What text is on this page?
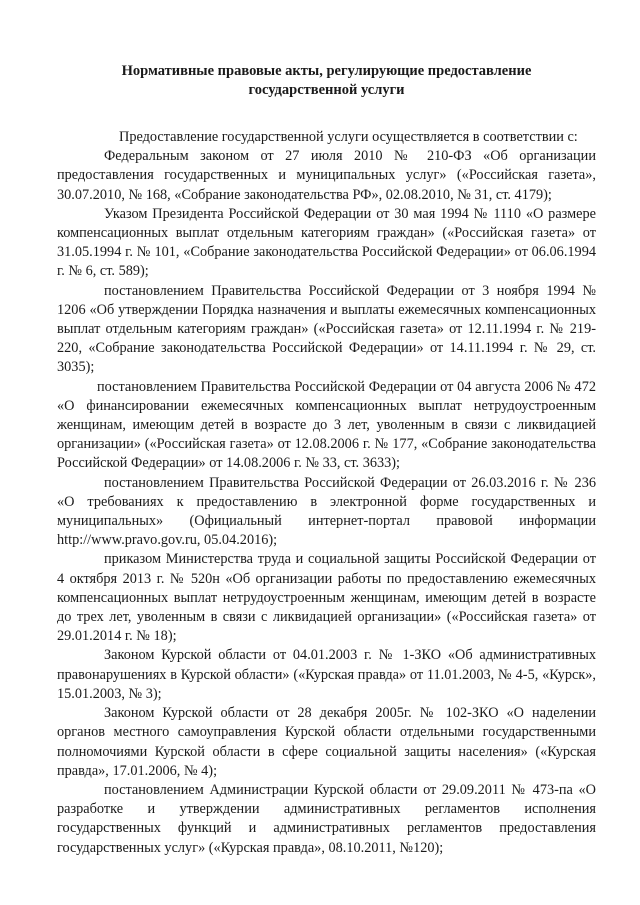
Нормативные правовые акты, регулирующие предоставление государственной услуги

Предоставление государственной услуги осуществляется в соответствии с:

Федеральным законом от 27 июля 2010 № 210-ФЗ «Об организации предоставления государственных и муниципальных услуг» («Российская газета», 30.07.2010, № 168, «Собрание законодательства РФ», 02.08.2010, № 31, ст. 4179);

Указом Президента Российской Федерации от 30 мая 1994 № 1110 «О размере компенсационных выплат отдельным категориям граждан» («Российская газета» от 31.05.1994 г. № 101, «Собрание законодательства Российской Федерации» от 06.06.1994 г. № 6, ст. 589);

постановлением Правительства Российской Федерации от 3 ноября 1994 № 1206 «Об утверждении Порядка назначения и выплаты ежемесячных компенсационных выплат отдельным категориям граждан» («Российская газета» от 12.11.1994 г. № 219-220, «Собрание законодательства Российской Федерации» от 14.11.1994 г. № 29, ст. 3035);

постановлением Правительства Российской Федерации от 04 августа 2006 № 472 «О финансировании ежемесячных компенсационных выплат нетрудоустроенным женщинам, имеющим детей в возрасте до 3 лет, уволенным в связи с ликвидацией организации» («Российская газета» от 12.08.2006 г. № 177, «Собрание законодательства Российской Федерации» от 14.08.2006 г. № 33, ст. 3633);

постановлением Правительства Российской Федерации от 26.03.2016 г. № 236 «О требованиях к предоставлению в электронной форме государственных и муниципальных» (Официальный интернет-портал правовой информации http://www.pravo.gov.ru, 05.04.2016);

приказом Министерства труда и социальной защиты Российской Федерации от 4 октября 2013 г. № 520н «Об организации работы по предоставлению ежемесячных компенсационных выплат нетрудоустроенным женщинам, имеющим детей в возрасте до трех лет, уволенным в связи с ликвидацией организации» («Российская газета» от 29.01.2014 г. № 18);

Законом Курской области от 04.01.2003 г. № 1-ЗКО «Об административных правонарушениях в Курской области» («Курская правда» от 11.01.2003, № 4-5, «Курск», 15.01.2003, № 3);

Законом Курской области от 28 декабря 2005г. № 102-ЗКО «О наделении органов местного самоуправления Курской области отдельными государственными полномочиями Курской области в сфере социальной защиты населения» («Курская правда», 17.01.2006, № 4);

постановлением Администрации Курской области от 29.09.2011 № 473-па «О разработке и утверждении административных регламентов исполнения государственных функций и административных регламентов предоставления государственных услуг» («Курская правда», 08.10.2011, №120);
